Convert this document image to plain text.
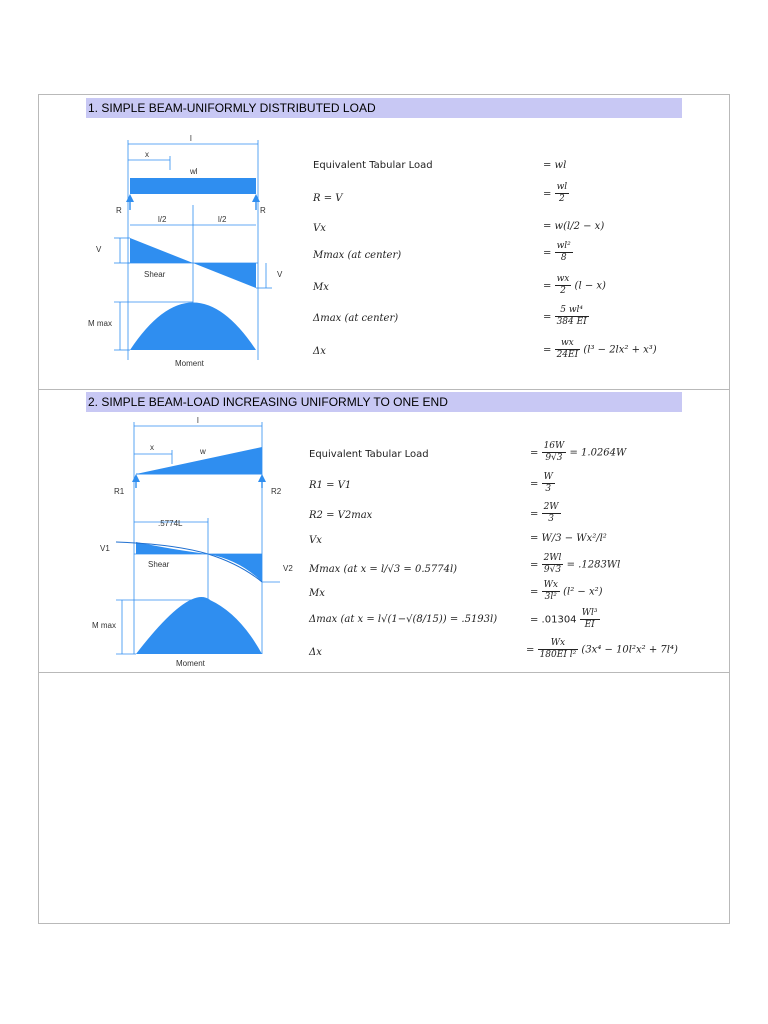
1. SIMPLE BEAM-UNIFORMLY DISTRIBUTED LOAD
l
x
wl
R	R
l/2	l/2
V
V
Shear
M max
Moment
Equivalent Tabular Load	= wl
R = V	= $\frac{wl}{2}$
Vx	= w(l/2 − x)
Mmax (at center)	= $\frac{\text{wl²}}{8}$
Mx	= $\frac{wx}{2} (l - x)$
Δmax (at center)	= $\frac{\text{5 wl⁴}}{384 EI}$
Δx	= $\frac{wx}{24EI} (l^3 - 2lx^2 + x^3)$
2. SIMPLE BEAM-LOAD INCREASING UNIFORMLY TO ONE END
l
x	w
R1	R2
.5774L
V1
V2
Shear
M max
Moment
Equivalent Tabular Load	= $\frac{16W}{9√3} = 1.0264W$
R1 = V1	= $\frac{W}{3}$
R2 = V2max	= $\frac{2W}{3}$
Vx	= W/3 − Wx²/l²
Mmax (at x = l/√3 = 0.5774l)	= $\frac{2Wl}{9√3} = .1283Wl$
Mx	= $\frac{Wx}{\text{3l²}} (l^2 - x^2)$
Δmax (at x = l√(1−√(8/15)) = .5193l)	= $.01304 \frac{\text{Wl³}}{EI}$
Δx	= $\frac{Wx}{\text{180EI l²}} (3x^4 - 10l^2x^2 + 7l^4)$
